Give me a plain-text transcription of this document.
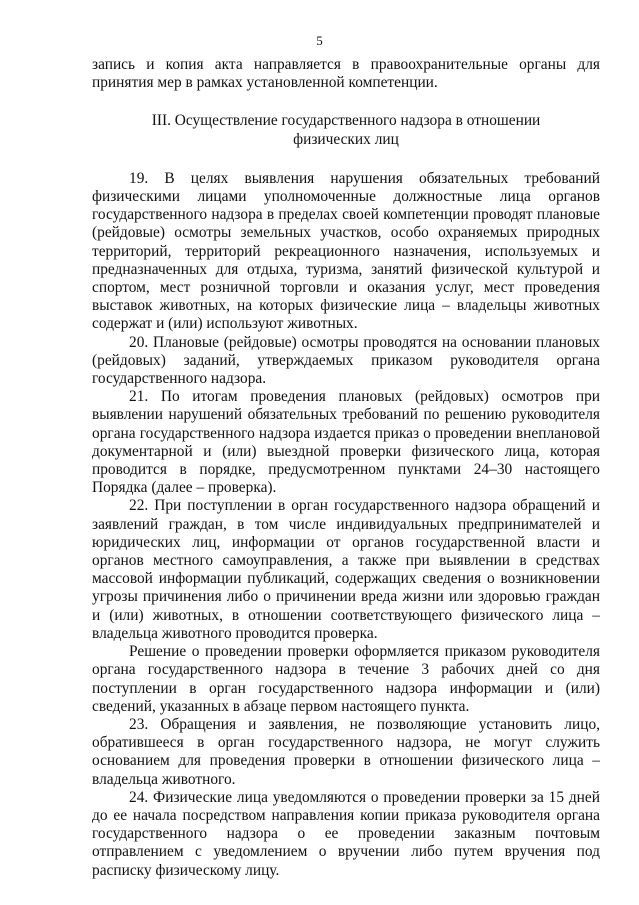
5

запись и копия акта направляется в правоохранительные органы для принятия мер в рамках установленной компетенции.

III. Осуществление государственного надзора в отношении физических лиц

19. В целях выявления нарушения обязательных требований физическими лицами уполномоченные должностные лица органов государственного надзора в пределах своей компетенции проводят плановые (рейдовые) осмотры земельных участков, особо охраняемых природных территорий, территорий рекреационного назначения, используемых и предназначенных для отдыха, туризма, занятий физической культурой и спортом, мест розничной торговли и оказания услуг, мест проведения выставок животных, на которых физические лица – владельцы животных содержат и (или) используют животных.

20. Плановые (рейдовые) осмотры проводятся на основании плановых (рейдовых) заданий, утверждаемых приказом руководителя органа государственного надзора.

21. По итогам проведения плановых (рейдовых) осмотров при выявлении нарушений обязательных требований по решению руководителя органа государственного надзора издается приказ о проведении внеплановой документарной и (или) выездной проверки физического лица, которая проводится в порядке, предусмотренном пунктами 24–30 настоящего Порядка (далее – проверка).

22. При поступлении в орган государственного надзора обращений и заявлений граждан, в том числе индивидуальных предпринимателей и юридических лиц, информации от органов государственной власти и органов местного самоуправления, а также при выявлении в средствах массовой информации публикаций, содержащих сведения о возникновении угрозы причинения либо о причинении вреда жизни или здоровью граждан и (или) животных, в отношении соответствующего физического лица – владельца животного проводится проверка.

Решение о проведении проверки оформляется приказом руководителя органа государственного надзора в течение 3 рабочих дней со дня поступлении в орган государственного надзора информации и (или) сведений, указанных в абзаце первом настоящего пункта.

23. Обращения и заявления, не позволяющие установить лицо, обратившееся в орган государственного надзора, не могут служить основанием для проведения проверки в отношении физического лица – владельца животного.

24. Физические лица уведомляются о проведении проверки за 15 дней до ее начала посредством направления копии приказа руководителя органа государственного надзора о ее проведении заказным почтовым отправлением с уведомлением о вручении либо путем вручения под расписку физическому лицу.
